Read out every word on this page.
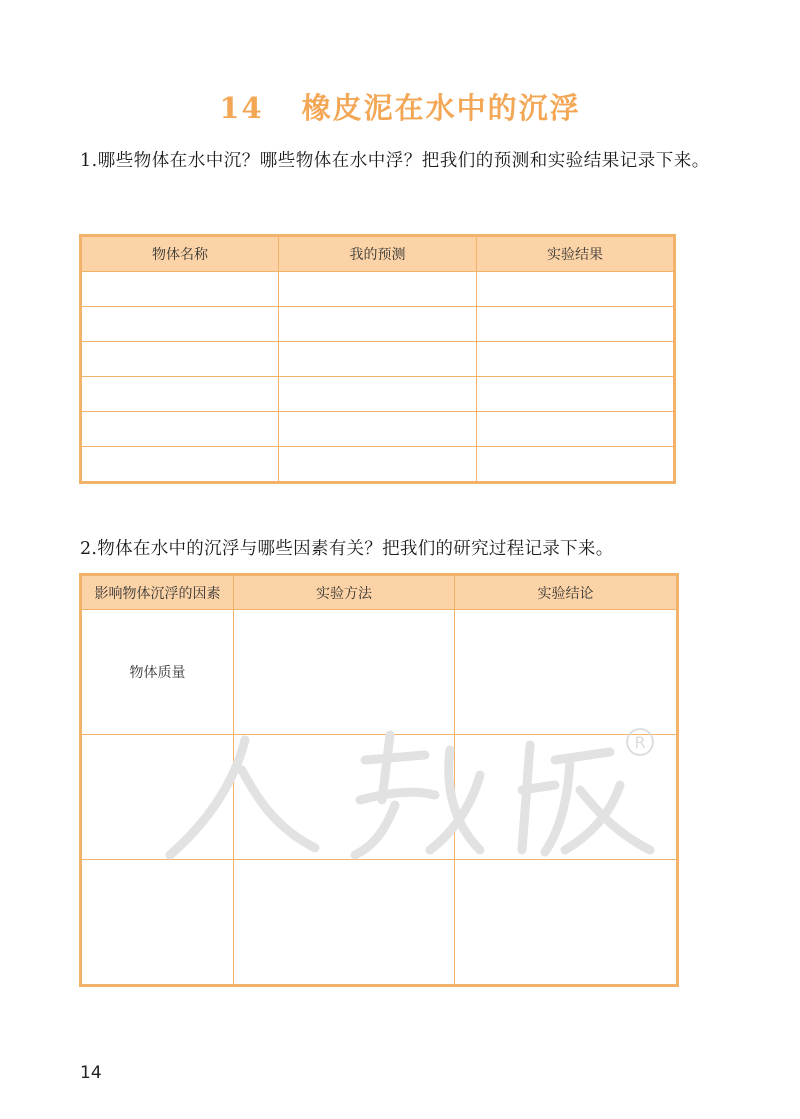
14 橡皮泥在水中的沉浮
1.哪些物体在水中沉？哪些物体在水中浮？把我们的预测和实验结果记录下来。
物体名称	我的预测	实验结果

2.物体在水中的沉浮与哪些因素有关？把我们的研究过程记录下来。
影响物体沉浮的因素	实验方法	实验结论
物体质量		

R
14
